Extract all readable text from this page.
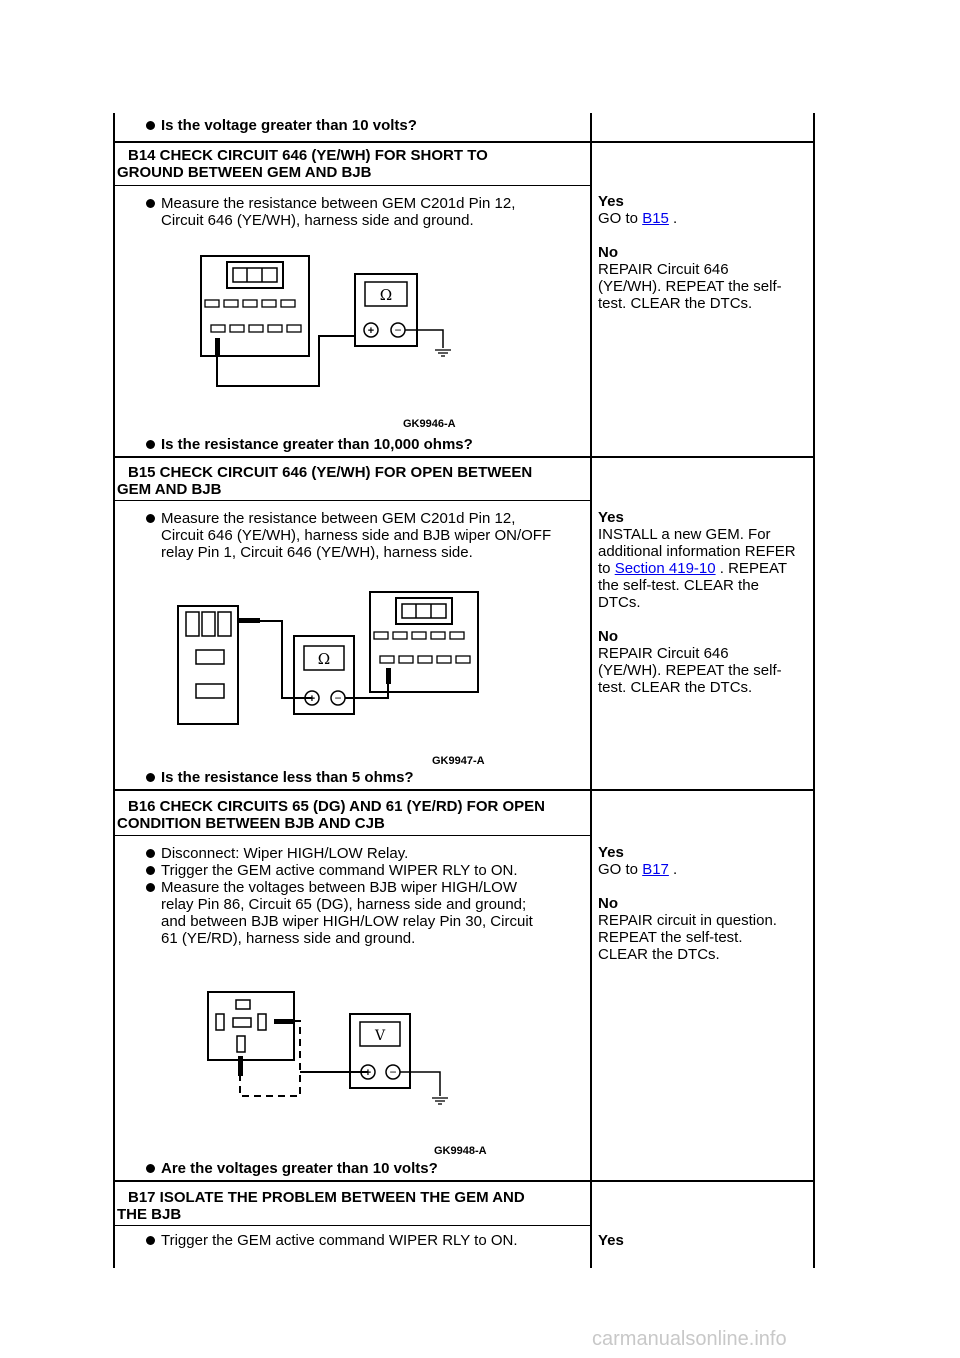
Is the voltage greater than 10 volts?
B14 CHECK CIRCUIT 646 (YE/WH) FOR SHORT TO
GROUND BETWEEN GEM AND BJB
Measure the resistance between GEM C201d Pin 12,
Circuit 646 (YE/WH), harness side and ground.
Ω
+ −
GK9946-A
Is the resistance greater than 10,000 ohms?
Yes
GO to B15 .
No
REPAIR Circuit 646
(YE/WH). REPEAT the self-
test. CLEAR the DTCs.
B15 CHECK CIRCUIT 646 (YE/WH) FOR OPEN BETWEEN
GEM AND BJB
Measure the resistance between GEM C201d Pin 12,
Circuit 646 (YE/WH), harness side and BJB wiper ON/OFF
relay Pin 1, Circuit 646 (YE/WH), harness side.
Ω
+ −
GK9947-A
Is the resistance less than 5 ohms?
Yes
INSTALL a new GEM. For
additional information REFER
to Section 419-10 . REPEAT
the self-test. CLEAR the
DTCs.
No
REPAIR Circuit 646
(YE/WH). REPEAT the self-
test. CLEAR the DTCs.
B16 CHECK CIRCUITS 65 (DG) AND 61 (YE/RD) FOR OPEN
CONDITION BETWEEN BJB AND CJB
Disconnect: Wiper HIGH/LOW Relay.
Trigger the GEM active command WIPER RLY to ON.
Measure the voltages between BJB wiper HIGH/LOW
relay Pin 86, Circuit 65 (DG), harness side and ground;
and between BJB wiper HIGH/LOW relay Pin 30, Circuit
61 (YE/RD), harness side and ground.
V
+ −
GK9948-A
Are the voltages greater than 10 volts?
Yes
GO to B17 .
No
REPAIR circuit in question.
REPEAT the self-test.
CLEAR the DTCs.
B17 ISOLATE THE PROBLEM BETWEEN THE GEM AND
THE BJB
Trigger the GEM active command WIPER RLY to ON.	Yes
carmanualsonline.info
